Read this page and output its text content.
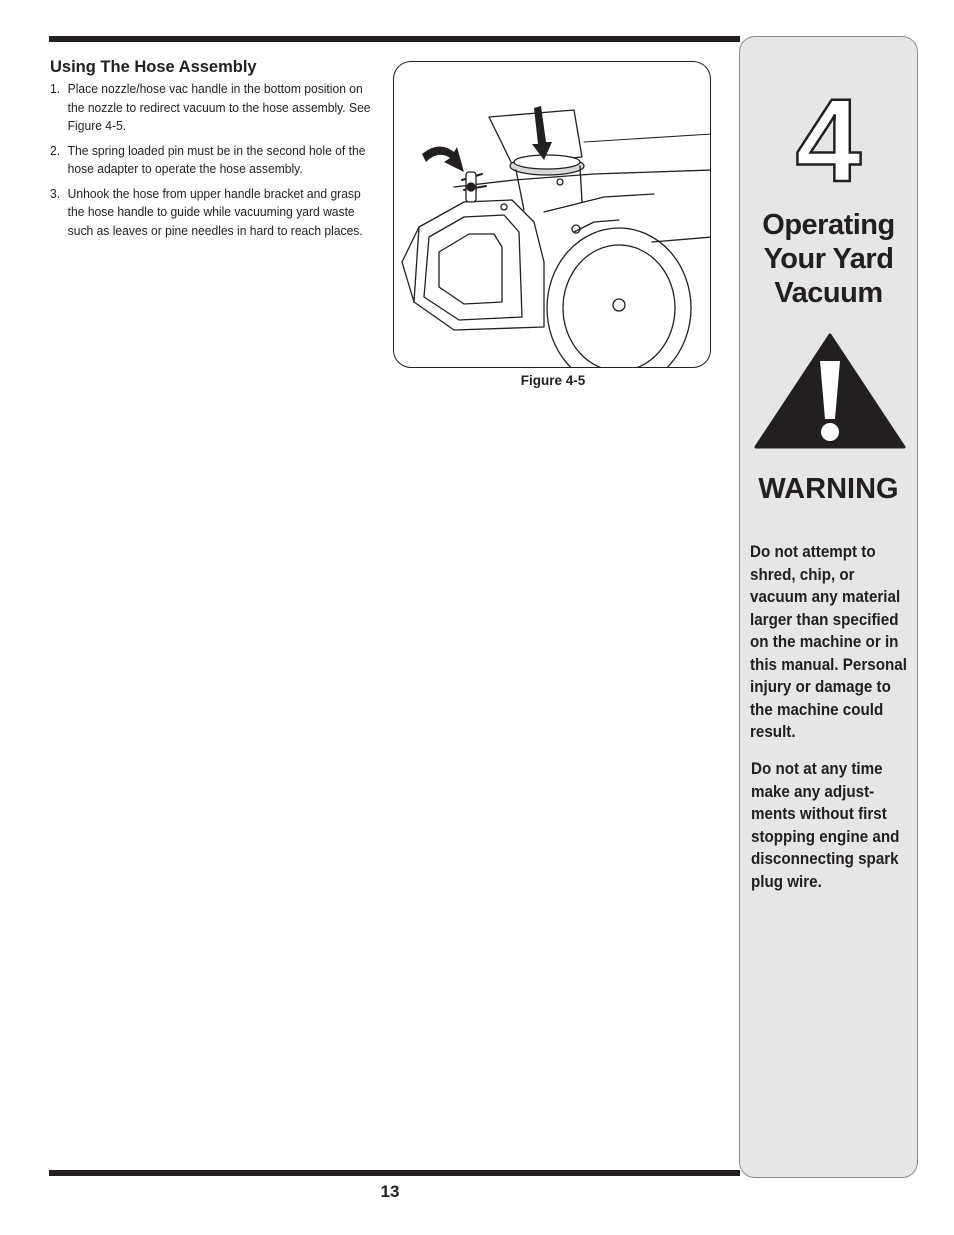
Using The Hose Assembly
1. Place nozzle/hose vac handle in the bottom position on the nozzle to redirect vacuum to the hose assembly. See Figure 4-5.
2. The spring loaded pin must be in the second hole of the hose adapter to operate the hose assembly.
3. Unhook the hose from upper handle bracket and grasp the hose handle to guide while vacuuming yard waste such as leaves or pine needles in hard to reach places.
Figure 4-5
4
Operating Your Yard Vacuum
WARNING

Do not attempt to shred, chip, or vacuum any material larger than specified on the machine or in this manual. Personal injury or damage to the machine could result.

Do not at any time make any adjustments without first stopping engine and disconnecting spark plug wire.

13
